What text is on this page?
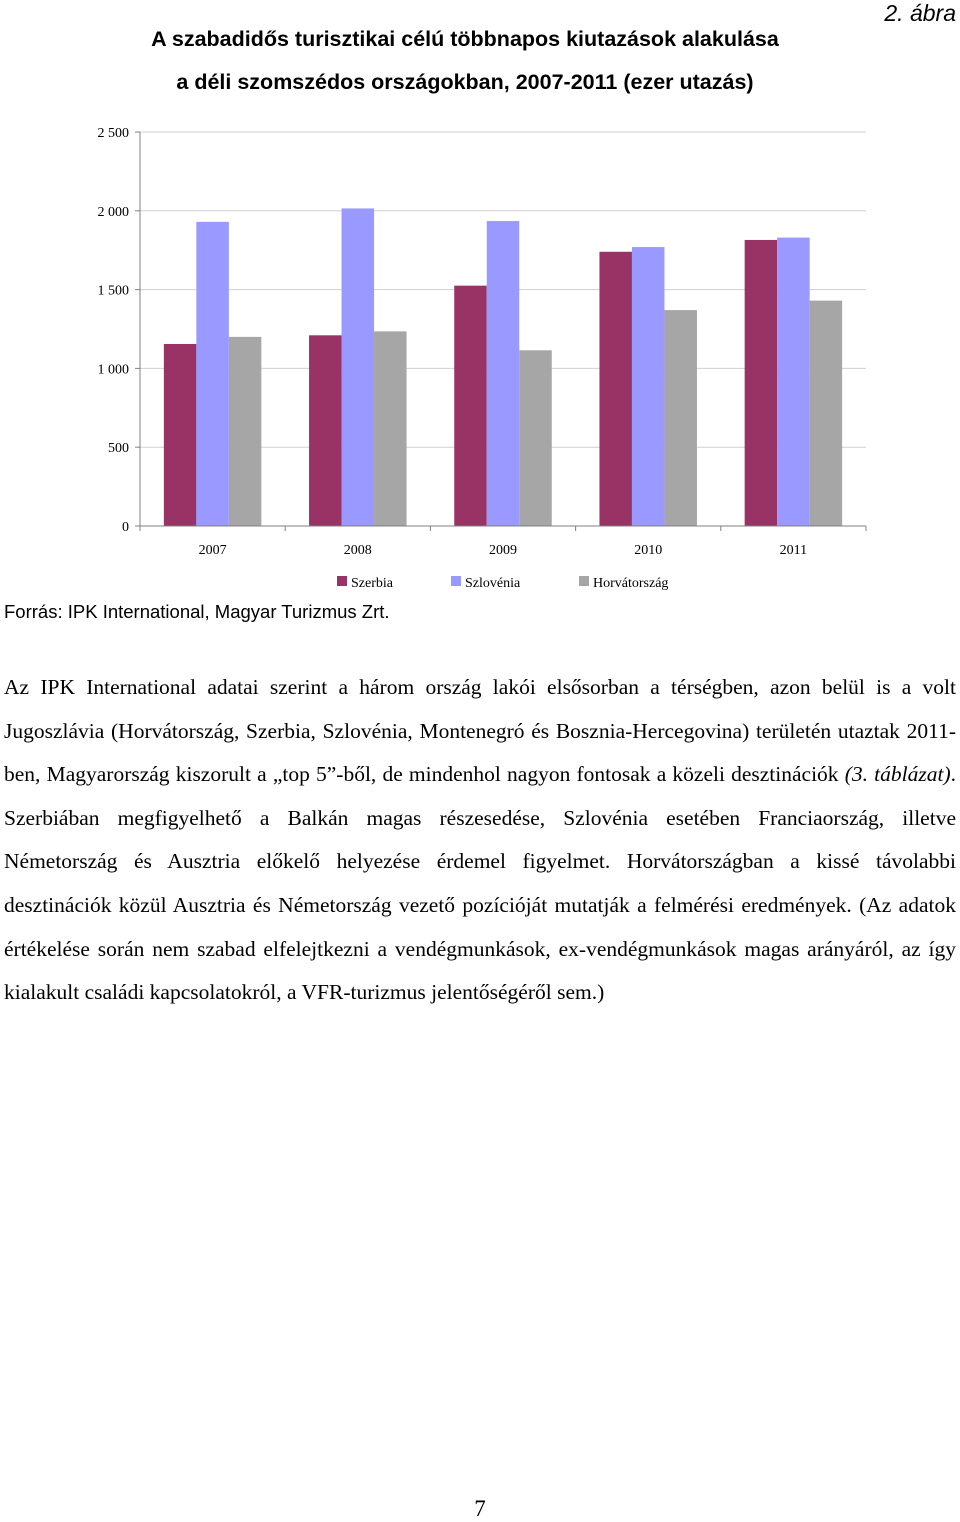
2. ábra
A szabadidős turisztikai célú többnapos kiutazások alakulása
a déli szomszédos országokban, 2007-2011 (ezer utazás)
0
500
1 000
1 500
2 000
2 500
2007	2008	2009	2010	2011
Szerbia	Szlovénia	Horvátország
Forrás: IPK International, Magyar Turizmus Zrt.

Az IPK International adatai szerint a három ország lakói elsősorban a térségben, azon belül is a volt Jugoszlávia (Horvátország, Szerbia, Szlovénia, Montenegró és Bosznia-Hercegovina) területén utaztak 2011-ben, Magyarország kiszorult a „top 5”-ből, de mindenhol nagyon fontosak a közeli desztinációk (3. táblázat). Szerbiában megfigyelhető a Balkán magas részesedése, Szlovénia esetében Franciaország, illetve Németország és Ausztria előkelő helyezése érdemel figyelmet. Horvátországban a kissé távolabbi desztinációk közül Ausztria és Németország vezető pozícióját mutatják a felmérési eredmények. (Az adatok értékelése során nem szabad elfelejtkezni a vendégmunkások, ex-vendégmunkások magas arányáról, az így kialakult családi kapcsolatokról, a VFR-turizmus jelentőségéről sem.)

7
